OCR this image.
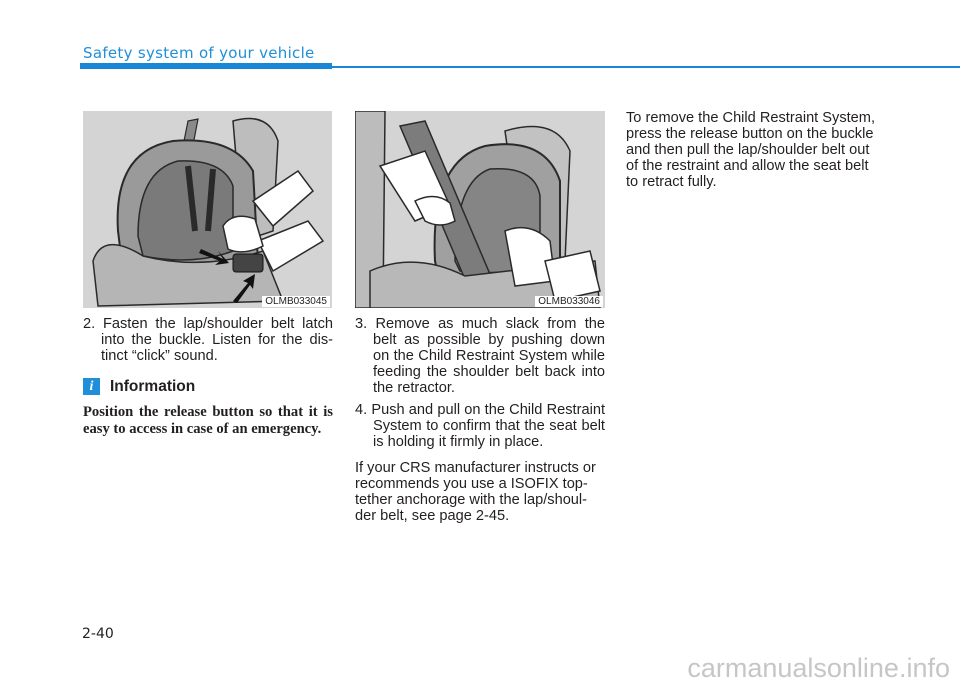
Safety system of your vehicle
OLMB033045	OLMB033046

2. Fasten the lap/shoulder belt latch into the buckle. Listen for the dis-tinct “click” sound.

i	Information
Position the release button so that it is easy to access in case of an emergency.

3. Remove as much slack from the belt as possible by pushing down on the Child Restraint System while feeding the shoulder belt back into the retractor.

4. Push and pull on the Child Restraint System to confirm that the seat belt is holding it firmly in place.

If your CRS manufacturer instructs or recommends you use a ISOFIX top-tether anchorage with the lap/shoul-der belt, see page 2-45.

To remove the Child Restraint System, press the release button on the buckle and then pull the lap/shoulder belt out of the restraint and allow the seat belt to retract fully.

2-40
carmanualsonline.info
